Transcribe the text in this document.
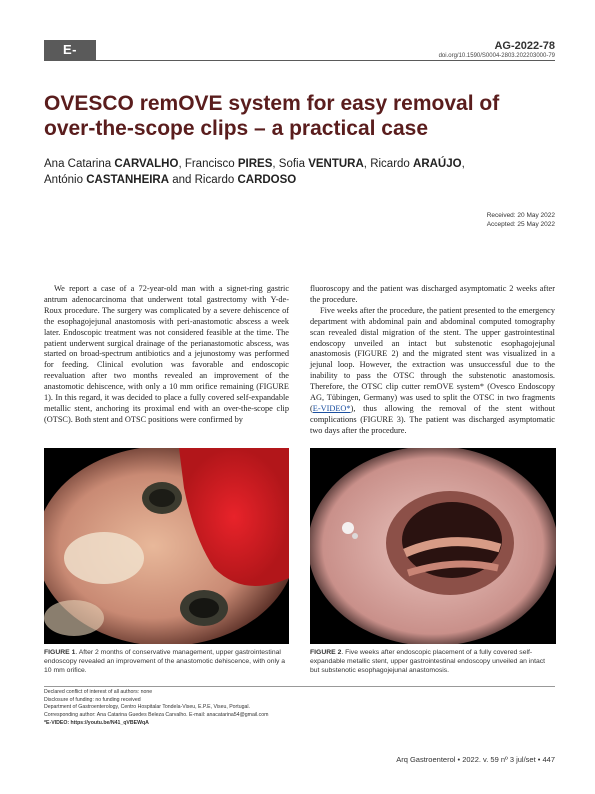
E-VIDEO
AG-2022-78
doi.org/10.1590/S0004-2803.202203000-79
OVESCO remOVE system for easy removal of over-the-scope clips – a practical case
Ana Catarina CARVALHO, Francisco PIRES, Sofia VENTURA, Ricardo ARAÚJO,
António CASTANHEIRA and Ricardo CARDOSO
Received: 20 May 2022
Accepted: 25 May 2022

We report a case of a 72-year-old man with a signet-ring gastric antrum adenocarcinoma that underwent total gastrectomy with Y-de-Roux procedure. The surgery was complicated by a severe dehiscence of the esophagojejunal anastomosis with peri-anastomotic abscess a week later. Endoscopic treatment was not considered feasible at the time. The patient underwent surgical drainage of the perianastomotic abscess, was started on broad-spectrum antibiotics and a jejunostomy was performed for feeding. Clinical evolution was favorable and endoscopic reevaluation after two months revealed an improvement of the anastomotic dehiscence, with only a 10 mm orifice remaining (FIGURE 1). In this regard, it was decided to place a fully covered self-expandable metallic stent, anchoring its proximal end with an over-the-scope clip (OTSC). Both stent and OTSC positions were confirmed by

fluoroscopy and the patient was discharged asymptomatic 2 weeks after the procedure.

Five weeks after the procedure, the patient presented to the emergency department with abdominal pain and abdominal computed tomography scan revealed distal migration of the stent. The upper gastrointestinal endoscopy unveiled an intact but substenotic esophagojejunal anastomosis (FIGURE 2) and the migrated stent was visualized in a jejunal loop. However, the extraction was unsuccessful due to the inability to pass the OTSC through the substenotic anastomosis. Therefore, the OTSC clip cutter remOVE system* (Ovesco Endoscopy AG, Tübingen, Germany) was used to split the OTSC in two fragments (E-VIDEO*), thus allowing the removal of the stent without complications (FIGURE 3). The patient was discharged asymptomatic two days after the procedure.

FIGURE 1. After 2 months of conservative management, upper gastrointestinal endoscopy revealed an improvement of the anastomotic dehiscence, with only a 10 mm orifice.
FIGURE 2. Five weeks after endoscopic placement of a fully covered self-expandable metallic stent, upper gastrointestinal endoscopy unveiled an intact but substenotic esophagojejunal anastomosis.
Declared conflict of interest of all authors: none
Disclosure of funding: no funding received
Department of Gastroenterology, Centro Hospitalar Tondela-Viseu, E.P.E, Viseu, Portugal.
Corresponding author: Ana Catarina Guedes Beleza Carvalho. E-mail: anacatarina54@gmail.com
*E-VIDEO: https://youtu.be/N41_qVBEWqA
Arq Gastroenterol • 2022. v. 59 nº 3 jul/set • 447
